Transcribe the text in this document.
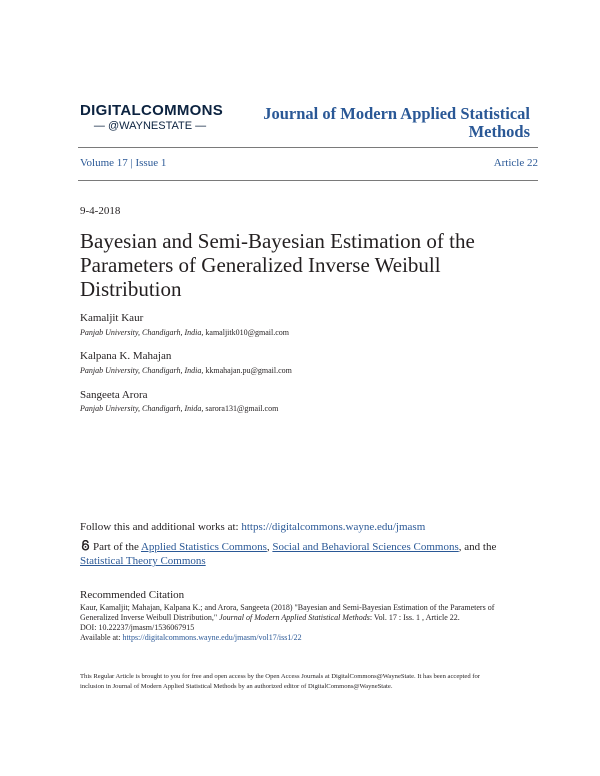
DIGITALCOMMONS
— @WAYNESTATE —
Journal of Modern Applied Statistical Methods
Volume 17 | Issue 1	Article 22
9-4-2018
Bayesian and Semi-Bayesian Estimation of the Parameters of Generalized Inverse Weibull Distribution
Kamaljit Kaur
Panjab University, Chandigarh, India, kamaljitk010@gmail.com
Kalpana K. Mahajan
Panjab University, Chandigarh, India, kkmahajan.pu@gmail.com
Sangeeta Arora
Panjab University, Chandigarh, Inida, sarora131@gmail.com
Follow this and additional works at: https://digitalcommons.wayne.edu/jmasm
Part of the Applied Statistics Commons, Social and Behavioral Sciences Commons, and the Statistical Theory Commons
Recommended Citation
Kaur, Kamaljit; Mahajan, Kalpana K.; and Arora, Sangeeta (2018) "Bayesian and Semi-Bayesian Estimation of the Parameters of
Generalized Inverse Weibull Distribution," Journal of Modern Applied Statistical Methods: Vol. 17 : Iss. 1 , Article 22.
DOI: 10.22237/jmasm/1536067915
Available at: https://digitalcommons.wayne.edu/jmasm/vol17/iss1/22
This Regular Article is brought to you for free and open access by the Open Access Journals at DigitalCommons@WayneState. It has been accepted for
inclusion in Journal of Modern Applied Statistical Methods by an authorized editor of DigitalCommons@WayneState.
